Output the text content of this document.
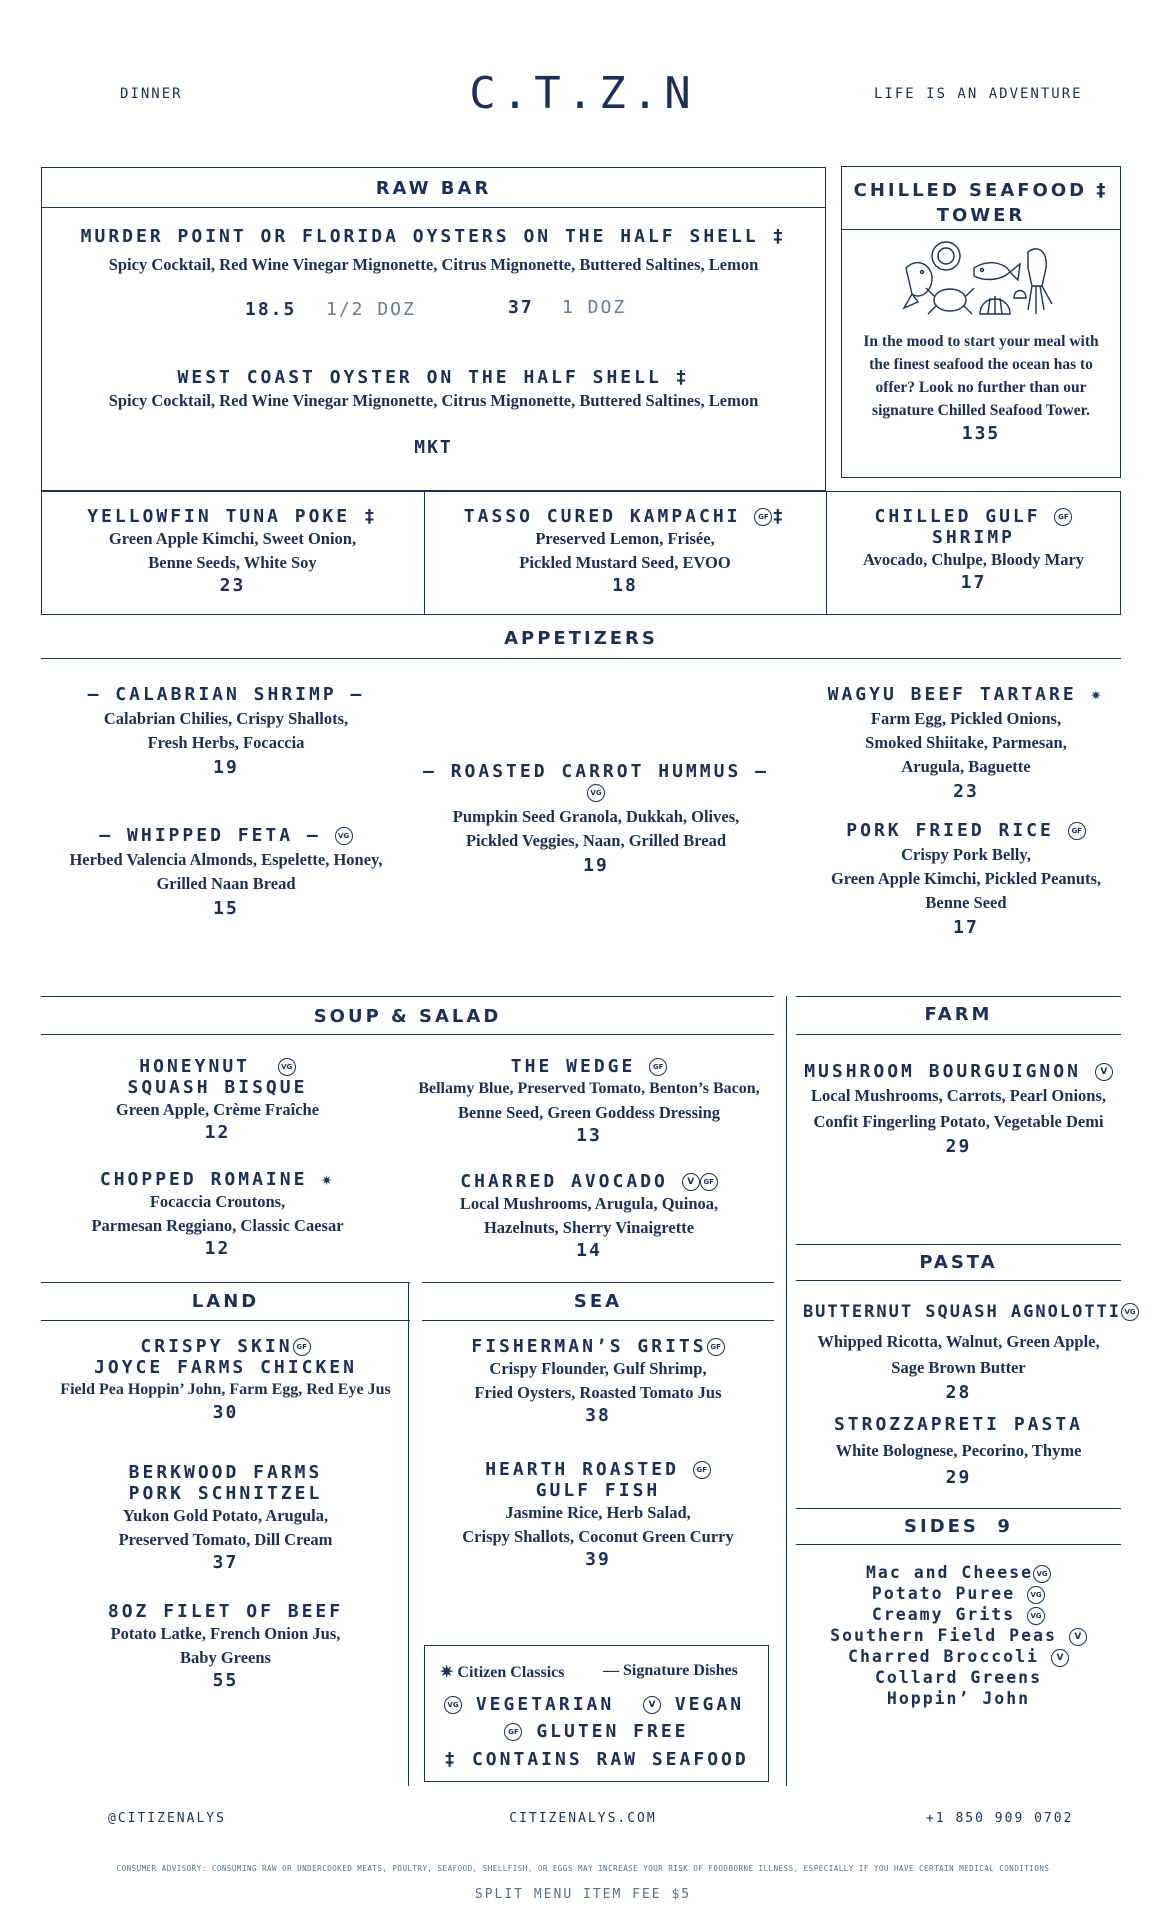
DINNER	C.T.Z.N	LIFE IS AN ADVENTURE
RAW BAR
MURDER POINT OR FLORIDA OYSTERS ON THE HALF SHELL ‡
Spicy Cocktail, Red Wine Vinegar Mignonette, Citrus Mignonette, Buttered Saltines, Lemon
18.5 1/2 DOZ	37 1 DOZ
WEST COAST OYSTER ON THE HALF SHELL ‡
Spicy Cocktail, Red Wine Vinegar Mignonette, Citrus Mignonette, Buttered Saltines, Lemon
MKT
CHILLED SEAFOOD ‡
TOWER
In the mood to start your meal with the finest seafood the ocean has to offer? Look no further than our signature Chilled Seafood Tower.
135
YELLOWFIN TUNA POKE ‡
Green Apple Kimchi, Sweet Onion,
Benne Seeds, White Soy
23
TASSO CURED KAMPACHI	GF ‡
Preserved Lemon, Frisée,
Pickled Mustard Seed, EVOO
18
CHILLED GULF	GF
SHRIMP
Avocado, Chulpe, Bloody Mary
17
APPETIZERS
— CALABRIAN SHRIMP —
Calabrian Chilies, Crispy Shallots,
Fresh Herbs, Focaccia
19
— WHIPPED FETA — VG
Herbed Valencia Almonds, Espelette, Honey,
Grilled Naan Bread
15
— ROASTED CARROT HUMMUS — VG
Pumpkin Seed Granola, Dukkah, Olives,
Pickled Veggies, Naan, Grilled Bread
19
WAGYU BEEF TARTARE ✷
Farm Egg, Pickled Onions,
Smoked Shiitake, Parmesan,
Arugula, Baguette
23
PORK FRIED RICE	GF
Crispy Pork Belly,
Green Apple Kimchi, Pickled Peanuts,
Benne Seed
17
SOUP & SALAD
HONEYNUT	VG
SQUASH BISQUE
Green Apple, Crème Fraîche
12
CHOPPED ROMAINE ✷
Focaccia Croutons,
Parmesan Reggiano, Classic Caesar
12
THE WEDGE	GF
Bellamy Blue, Preserved Tomato, Benton’s Bacon,
Benne Seed, Green Goddess Dressing
13
CHARRED AVOCADO V GF
Local Mushrooms, Arugula, Quinoa,
Hazelnuts, Sherry Vinaigrette
14
FARM
MUSHROOM BOURGUIGNON V
Local Mushrooms, Carrots, Pearl Onions,
Confit Fingerling Potato, Vegetable Demi
29
LAND
CRISPY SKIN GF
JOYCE FARMS CHICKEN
Field Pea Hoppin’ John, Farm Egg, Red Eye Jus
30
BERKWOOD FARMS
PORK SCHNITZEL
Yukon Gold Potato, Arugula,
Preserved Tomato, Dill Cream
37
8OZ FILET OF BEEF
Potato Latke, French Onion Jus,
Baby Greens
55
SEA
FISHERMAN’S GRITS GF
Crispy Flounder, Gulf Shrimp,
Fried Oysters, Roasted Tomato Jus
38
HEARTH ROASTED	GF
GULF FISH
Jasmine Rice, Herb Salad,
Crispy Shallots, Coconut Green Curry
39
✷ Citizen Classics — Signature Dishes
VG VEGETARIAN	V VEGAN
GF GLUTEN FREE
‡ CONTAINS RAW SEAFOOD
PASTA
BUTTERNUT SQUASH AGNOLOTTI VG
Whipped Ricotta, Walnut, Green Apple,
Sage Brown Butter
28
STROZZAPRETI PASTA
White Bolognese, Pecorino, Thyme
29
SIDES  9
Mac and Cheese VG
Potato Puree VG
Creamy Grits VG
Southern Field Peas V
Charred Broccoli V
Collard Greens
Hoppin’ John
@CITIZENALYS	CITIZENALYS.COM	+1 850 909 0702
CONSUMER ADVISORY: CONSUMING RAW OR UNDERCOOKED MEATS, POULTRY, SEAFOOD, SHELLFISH, OR EGGS MAY INCREASE YOUR RISK OF FOODBORNE ILLNESS, ESPECIALLY IF YOU HAVE CERTAIN MEDICAL CONDITIONS
SPLIT MENU ITEM FEE $5
